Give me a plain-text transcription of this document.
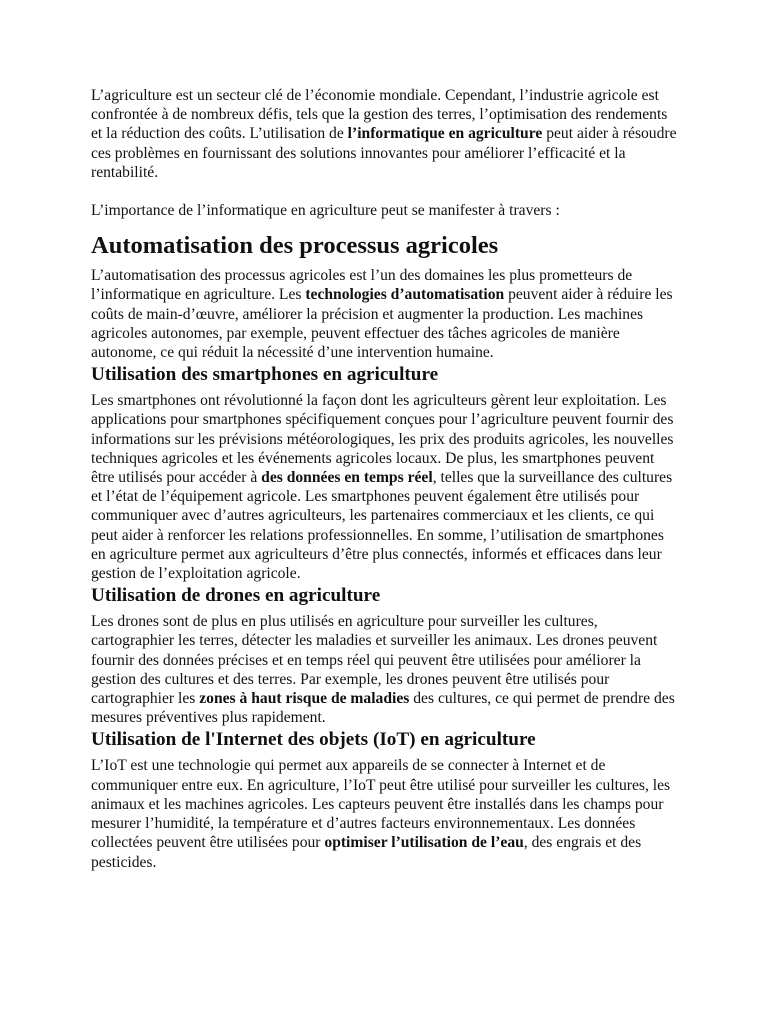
L’agriculture est un secteur clé de l’économie mondiale. Cependant, l’industrie agricole est confrontée à de nombreux défis, tels que la gestion des terres, l’optimisation des rendements et la réduction des coûts. L’utilisation de l’informatique en agriculture peut aider à résoudre ces problèmes en fournissant des solutions innovantes pour améliorer l’efficacité et la rentabilité.

L’importance de l’informatique en agriculture peut se manifester à travers :

Automatisation des processus agricoles

L’automatisation des processus agricoles est l’un des domaines les plus prometteurs de l’informatique en agriculture. Les technologies d’automatisation peuvent aider à réduire les coûts de main-d’œuvre, améliorer la précision et augmenter la production. Les machines agricoles autonomes, par exemple, peuvent effectuer des tâches agricoles de manière autonome, ce qui réduit la nécessité d’une intervention humaine.

Utilisation des smartphones en agriculture

Les smartphones ont révolutionné la façon dont les agriculteurs gèrent leur exploitation. Les applications pour smartphones spécifiquement conçues pour l’agriculture peuvent fournir des informations sur les prévisions météorologiques, les prix des produits agricoles, les nouvelles techniques agricoles et les événements agricoles locaux. De plus, les smartphones peuvent être utilisés pour accéder à des données en temps réel, telles que la surveillance des cultures et l’état de l’équipement agricole. Les smartphones peuvent également être utilisés pour communiquer avec d’autres agriculteurs, les partenaires commerciaux et les clients, ce qui peut aider à renforcer les relations professionnelles. En somme, l’utilisation de smartphones en agriculture permet aux agriculteurs d’être plus connectés, informés et efficaces dans leur gestion de l’exploitation agricole.

Utilisation de drones en agriculture

Les drones sont de plus en plus utilisés en agriculture pour surveiller les cultures, cartographier les terres, détecter les maladies et surveiller les animaux. Les drones peuvent fournir des données précises et en temps réel qui peuvent être utilisées pour améliorer la gestion des cultures et des terres. Par exemple, les drones peuvent être utilisés pour cartographier les zones à haut risque de maladies des cultures, ce qui permet de prendre des mesures préventives plus rapidement.

Utilisation de l'Internet des objets (IoT) en agriculture

L’IoT est une technologie qui permet aux appareils de se connecter à Internet et de communiquer entre eux. En agriculture, l’IoT peut être utilisé pour surveiller les cultures, les animaux et les machines agricoles. Les capteurs peuvent être installés dans les champs pour mesurer l’humidité, la température et d’autres facteurs environnementaux. Les données collectées peuvent être utilisées pour optimiser l’utilisation de l’eau, des engrais et des pesticides.
